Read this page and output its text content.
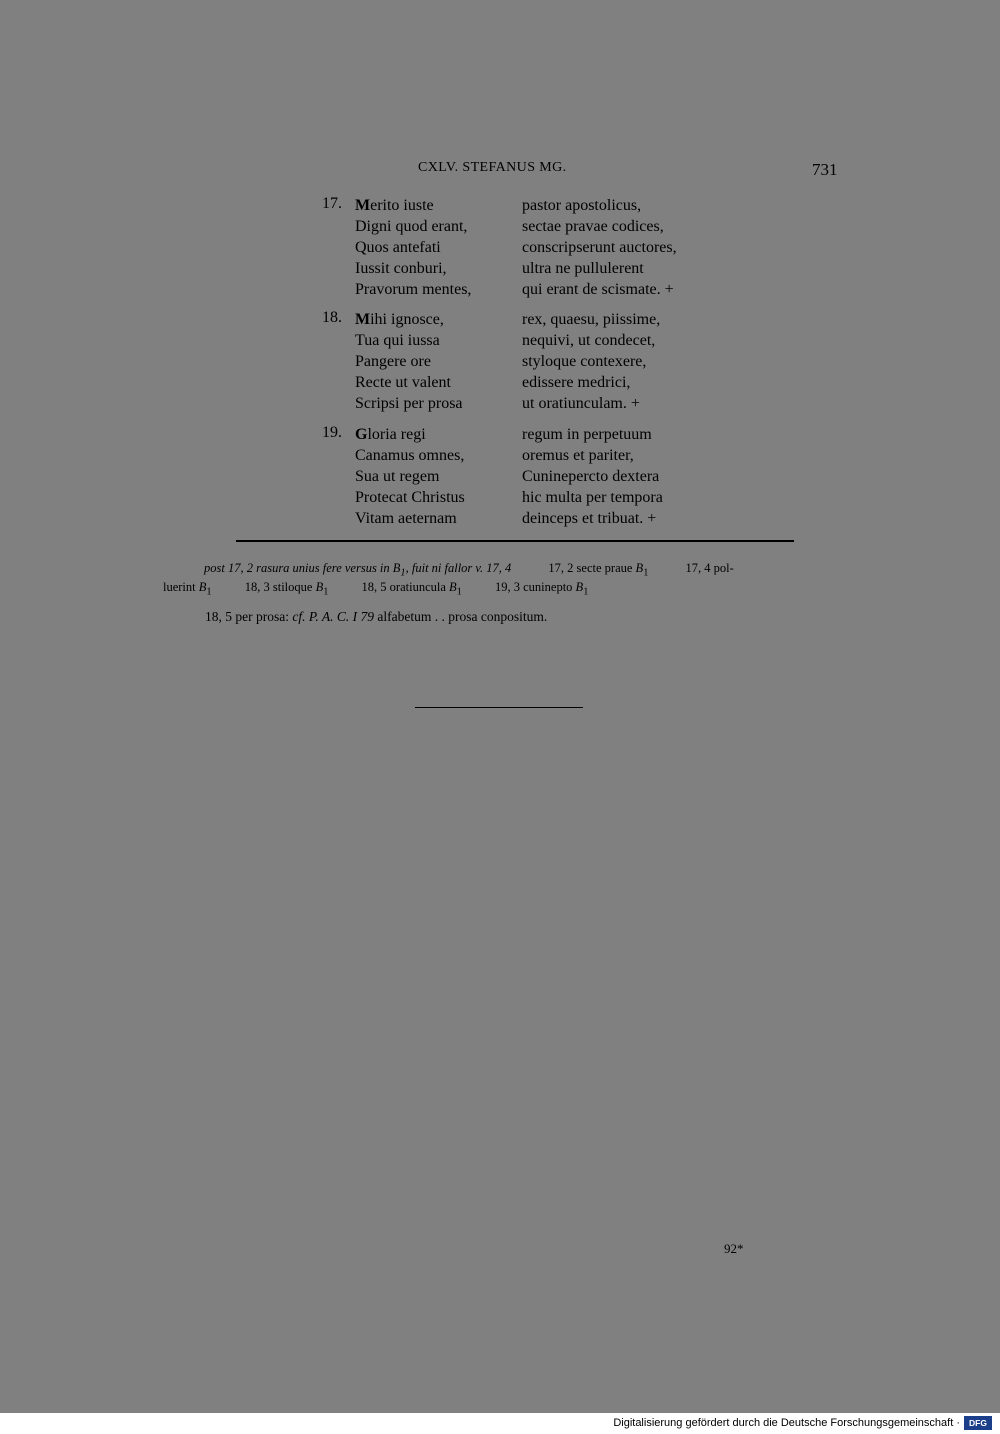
CXLV. STEFANUS MG.	731
17. Merito iuste	pastor apostolicus,
Digni quod erant,	sectae pravae codices,
Quos antefati	conscripserunt auctores,
Iussit conburi,	ultra ne pullulerent
Pravorum mentes,	qui erant de scismate. +
18. Mihi ignosce,	rex, quaesu, piissime,
Tua qui iussa	nequivi, ut condecet,
Pangere ore	styloque contexere,
Recte ut valent	edissere medrici,
Scripsi per prosa	ut oratiunculam. +
19. Gloria regi	regum in perpetuum
Canamus omnes,	oremus et pariter,
Sua ut regem	Cuninepercto dextera
Protecat Christus	hic multa per tempora
Vitam aeternam	deinceps et tribuat. +
post 17, 2 rasura unius fere versus in $B_1$, fuit ni fallor v. 17, 4	17, 2 secte praue $B_1$	17, 4 pol-
luerint $B_1$	18, 3 stiloque $B_1$	18, 5 oratiuncula $B_1$	19, 3 cuninepto $B_1$
18, 5 per prosa: cf. P. A. C. I 79 alfabetum . . prosa conpositum.
92*
Digitalisierung gefördert durch die Deutsche Forschungsgemeinschaft ·	DFG
